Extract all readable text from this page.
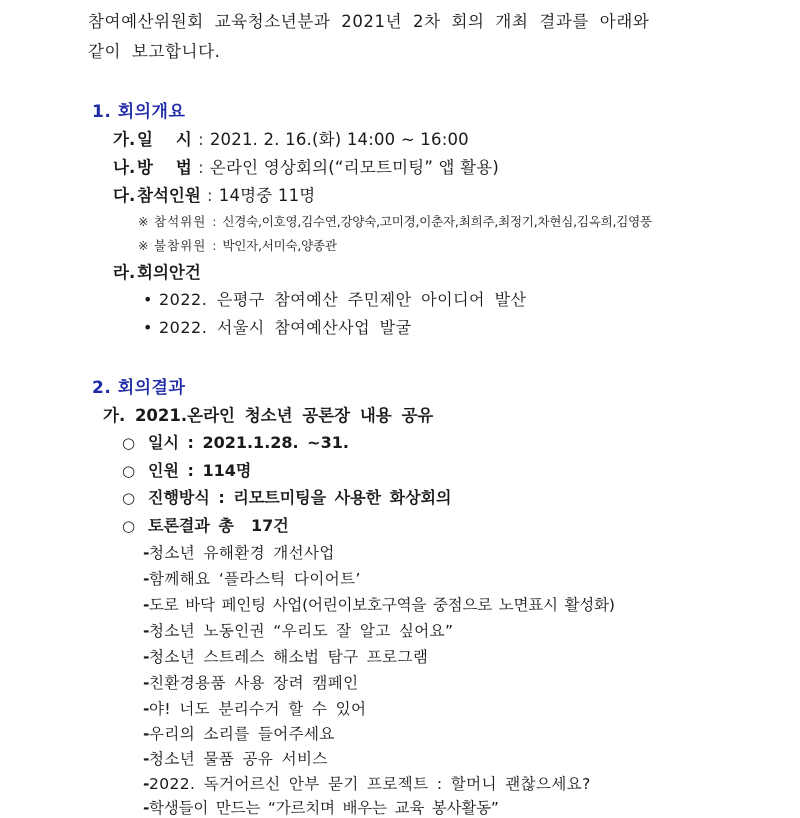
참여예산위원회 교육청소년분과 2021년 2차 회의 개최 결과를 아래와
같이 보고합니다.
1. 회의개요
가. 일    시 : 2021. 2. 16.(화) 14:00 ~ 16:00
나. 방    법 : 온라인 영상회의(“리모트미팅” 앱 활용)
다. 참석인원 : 14명중 11명
※ 참석위원 : 신경숙,이호영,김수연,강양숙,고미경,이춘자,최희주,최정기,차현심,김옥희,김영풍
※ 불참위원 : 박인자,서미숙,양종관
라. 회의안건
• 2022. 은평구 참여예산 주민제안 아이디어 발산
• 2022. 서울시 참여예산사업 발굴
2. 회의결과
가. 2021.온라인 청소년 공론장 내용 공유
○ 일시 : 2021.1.28. ~31.
○ 인원 : 114명
○ 진행방식 : 리모트미팅을 사용한 화상회의
○ 토론결과 총  17건
-청소년 유해환경 개선사업
-함께해요 ‘플라스틱 다이어트’
-도로 바닥 페인팅 사업(어린이보호구역을 중점으로 노면표시 활성화)
-청소년 노동인권 “우리도 잘 알고 싶어요”
-청소년 스트레스 해소법 탐구 프로그램
-친환경용품 사용 장려 캠페인
-야! 너도 분리수거 할 수 있어
-우리의 소리를 들어주세요
-청소년 물품 공유 서비스
-2022. 독거어르신 안부 묻기 프로젝트 : 할머니 괜찮으세요?
-학생들이 만드는 “가르치며 배우는 교육 봉사활동”
